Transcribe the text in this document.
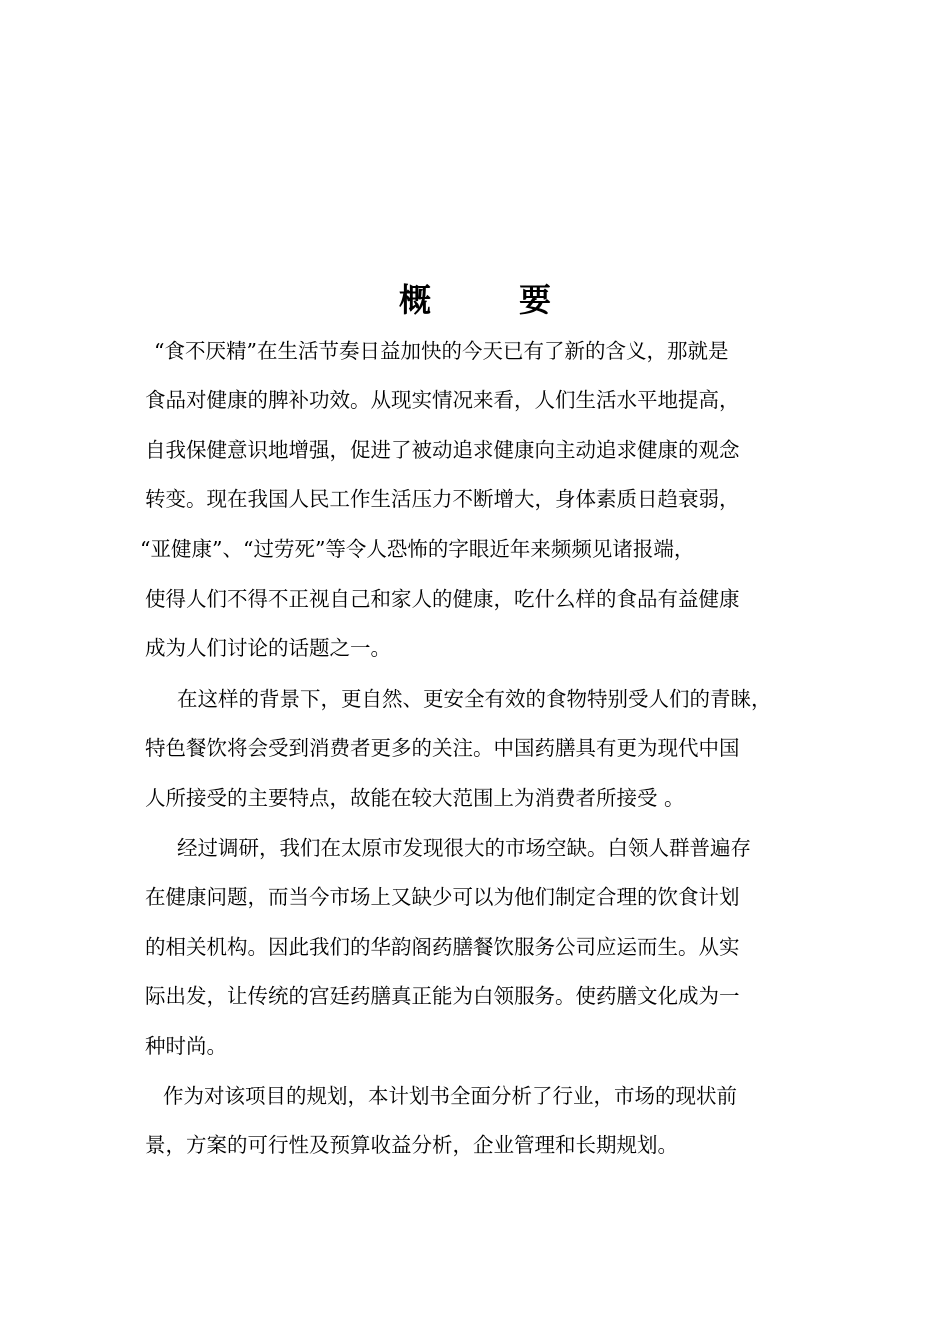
概	要
“食不厌精”在生活节奏日益加快的今天已有了新的含义，那就是
食品对健康的脾补功效。从现实情况来看，人们生活水平地提高，
自我保健意识地增强，促进了被动追求健康向主动追求健康的观念
转变。现在我国人民工作生活压力不断增大，身体素质日趋衰弱，
“亚健康”、“过劳死”等令人恐怖的字眼近年来频频见诸报端，
使得人们不得不正视自己和家人的健康，吃什么样的食品有益健康
成为人们讨论的话题之一。
在这样的背景下，更自然、更安全有效的食物特别受人们的青睐，
特色餐饮将会受到消费者更多的关注。中国药膳具有更为现代中国
人所接受的主要特点，故能在较大范围上为消费者所接受 。
经过调研，我们在太原市发现很大的市场空缺。白领人群普遍存
在健康问题，而当今市场上又缺少可以为他们制定合理的饮食计划
的相关机构。因此我们的华韵阁药膳餐饮服务公司应运而生。从实
际出发，让传统的宫廷药膳真正能为白领服务。使药膳文化成为一
种时尚。
作为对该项目的规划，本计划书全面分析了行业，市场的现状前
景，方案的可行性及预算收益分析，企业管理和长期规划。
